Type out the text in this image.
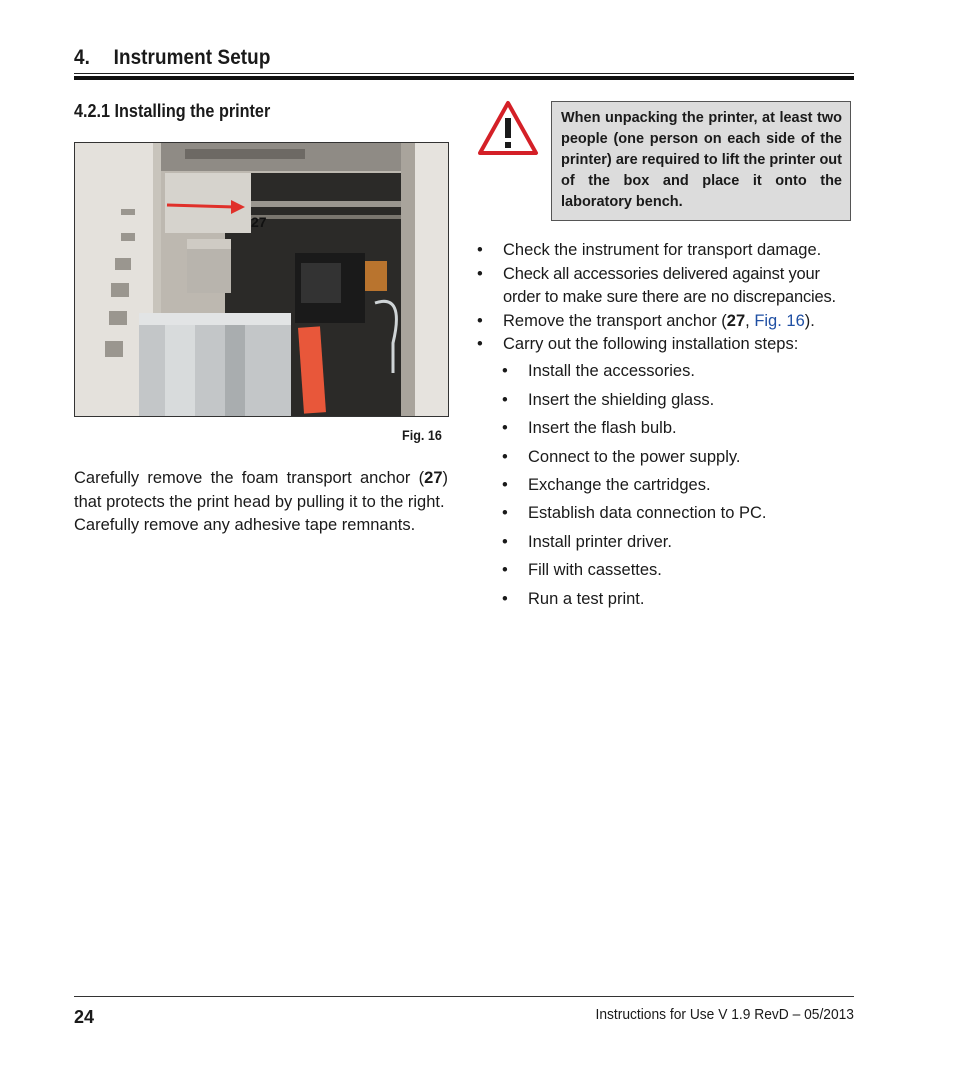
4. Instrument Setup
4.2.1 Installing the printer
27
Fig. 16

Carefully remove the foam transport anchor (27) that protects the print head by pulling it to the right.

Carefully remove any adhesive tape remnants.

When unpacking the printer, at least two people (one person on each side of the printer) are required to lift the printer out of the box and place it onto the laboratory bench.
• Check the instrument for transport damage.
• Check all accessories delivered against your order to make sure there are no discrepancies.
• Remove the transport anchor (27, Fig. 16).
• Carry out the following installation steps:
• Install the accessories.
• Insert the shielding glass.
• Insert the flash bulb.
• Connect to the power supply.
• Exchange the cartridges.
• Establish data connection to PC.
• Install printer driver.
• Fill with cassettes.
• Run a test print.
24	Instructions for Use V 1.9 RevD – 05/2013
